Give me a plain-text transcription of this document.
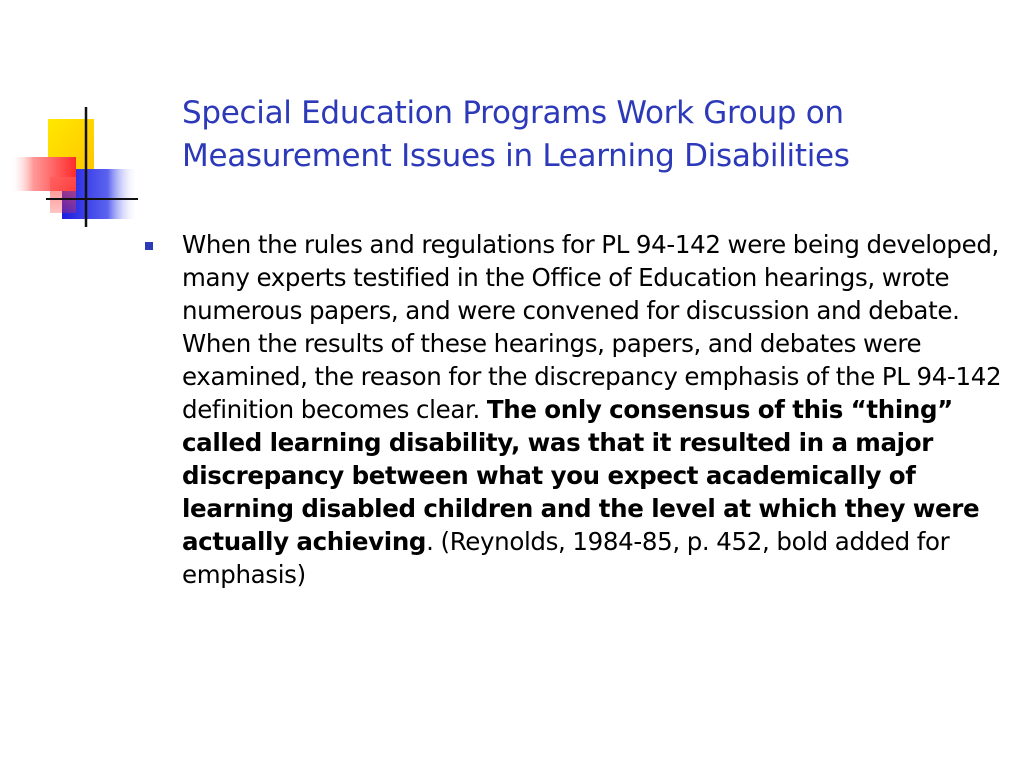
Special Education Programs Work Group on
Measurement Issues in Learning Disabilities
When the rules and regulations for PL 94-142 were being developed, many experts testified in the Office of Education hearings, wrote numerous papers, and were convened for discussion and debate. When the results of these hearings, papers, and debates were examined, the reason for the discrepancy emphasis of the PL 94-142 definition becomes clear. The only consensus of this “thing” called learning disability, was that it resulted in a major discrepancy between what you expect academically of learning disabled children and the level at which they were actually achieving. (Reynolds, 1984-85, p. 452, bold added for emphasis)
